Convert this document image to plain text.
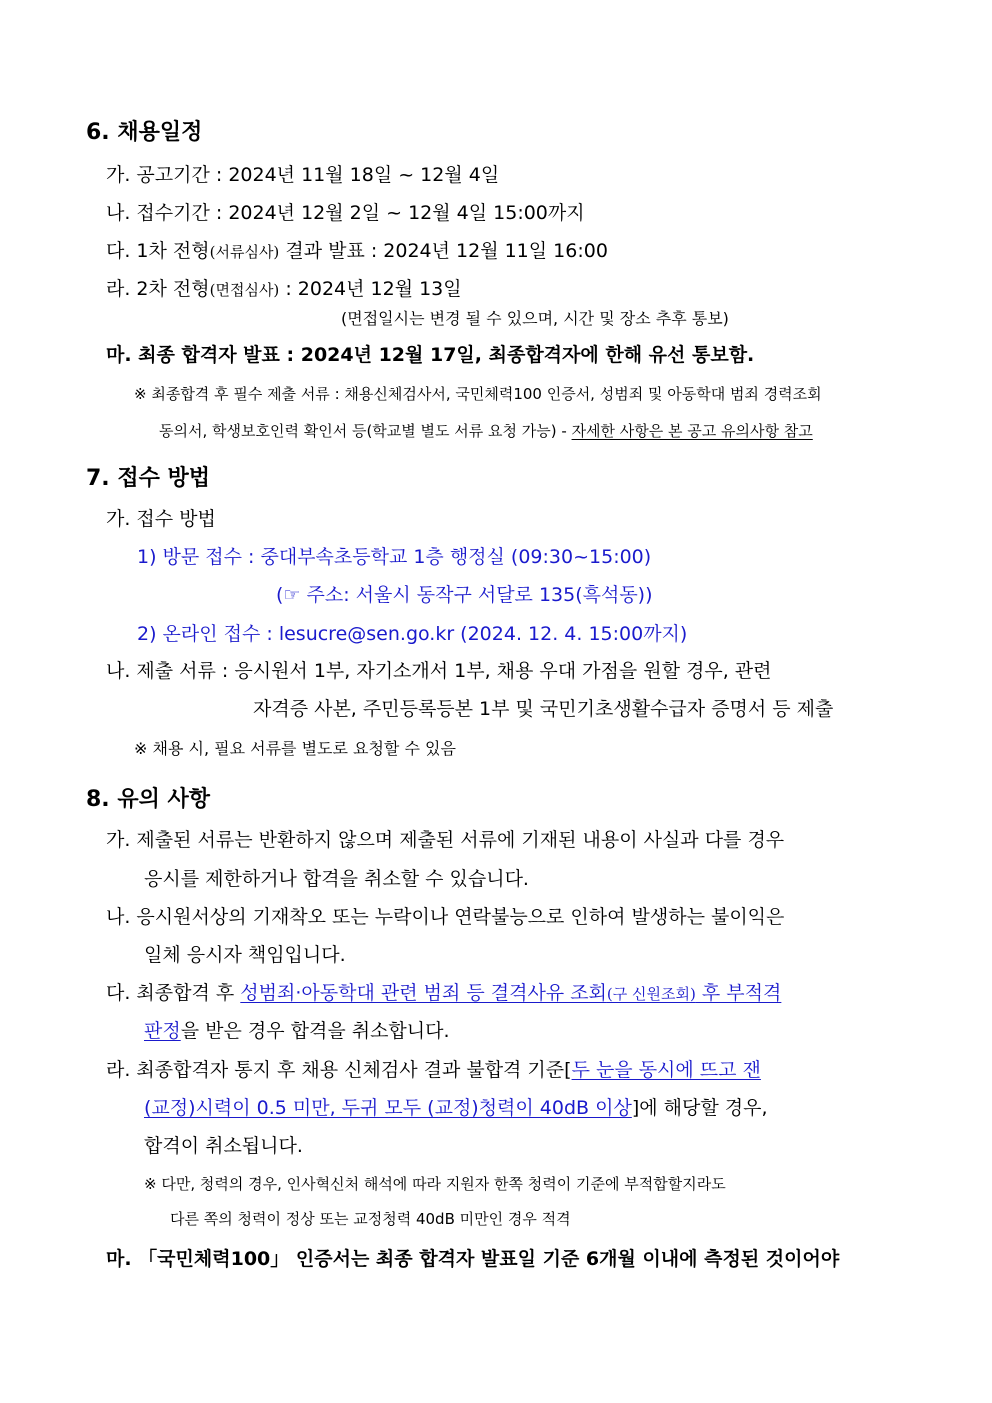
6. 채용일정
가. 공고기간 : 2024년 11월 18일 ~ 12월 4일
나. 접수기간 : 2024년 12월 2일 ~ 12월 4일 15:00까지
다. 1차 전형(서류심사) 결과 발표 : 2024년 12월 11일 16:00
라. 2차 전형(면접심사) : 2024년 12월 13일
(면접일시는 변경 될 수 있으며, 시간 및 장소 추후 통보)
마. 최종 합격자 발표 : 2024년 12월 17일, 최종합격자에 한해 유선 통보함.
※ 최종합격 후 필수 제출 서류 : 채용신체검사서, 국민체력100 인증서, 성범죄 및 아동학대 범죄 경력조회
동의서, 학생보호인력 확인서 등(학교별 별도 서류 요청 가능) - 자세한 사항은 본 공고 유의사항 참고
7. 접수 방법
가. 접수 방법
1) 방문 접수 : 중대부속초등학교 1층 행정실 (09:30~15:00)
(☞ 주소: 서울시 동작구 서달로 135(흑석동))
2) 온라인 접수 : lesucre@sen.go.kr (2024. 12. 4. 15:00까지)
나. 제출 서류 : 응시원서 1부, 자기소개서 1부, 채용 우대 가점을 원할 경우, 관련
자격증 사본, 주민등록등본 1부 및 국민기초생활수급자 증명서 등 제출
※ 채용 시, 필요 서류를 별도로 요청할 수 있음
8. 유의 사항
가. 제출된 서류는 반환하지 않으며 제출된 서류에 기재된 내용이 사실과 다를 경우
응시를 제한하거나 합격을 취소할 수 있습니다.
나. 응시원서상의 기재착오 또는 누락이나 연락불능으로 인하여 발생하는 불이익은
일체 응시자 책임입니다.
다. 최종합격 후 성범죄·아동학대 관련 범죄 등 결격사유 조회(구 신원조회) 후 부적격
판정을 받은 경우 합격을 취소합니다.
라. 최종합격자 통지 후 채용 신체검사 결과 불합격 기준[두 눈을 동시에 뜨고 잰
(교정)시력이 0.5 미만, 두귀 모두 (교정)청력이 40dB 이상]에 해당할 경우,
합격이 취소됩니다.
※ 다만, 청력의 경우, 인사혁신처 해석에 따라 지원자 한쪽 청력이 기준에 부적합할지라도
다른 쪽의 청력이 정상 또는 교정청력 40dB 미만인 경우 적격
마. 「국민체력100」 인증서는 최종 합격자 발표일 기준 6개월 이내에 측정된 것이어야
